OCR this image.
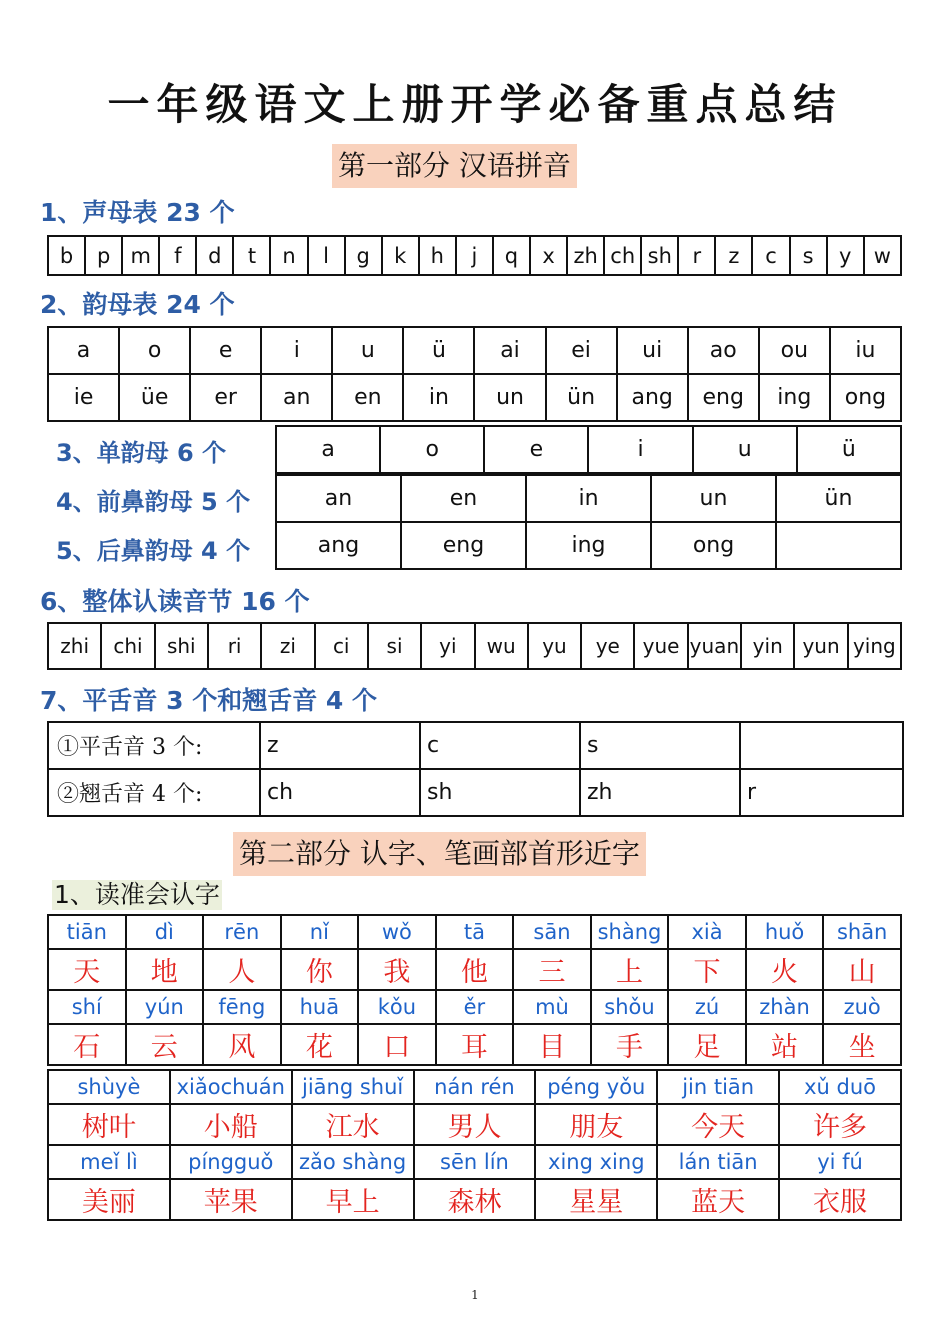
一年级语文上册开学必备重点总结
第一部分 汉语拼音
1、声母表 23 个
b	p	m	f	d	t	n	l	g	k	h	j	q	x	zh	ch	sh	r	z	c	s	y	w
2、韵母表 24 个
a	o	e	i	u	ü	ai	ei	ui	ao	ou	iu
ie	üe	er	an	en	in	un	ün	ang	eng	ing	ong
3、单韵母 6 个
4、前鼻韵母 5 个
5、后鼻韵母 4 个
a	o	e	i	u	ü
an	en	in	un	ün
ang	eng	ing	ong	
6、整体认读音节 16 个
zhi	chi	shi	ri	zi	ci	si	yi	wu	yu	ye	yue	yuan	yin	yun	ying
7、平舌音 3 个和翘舌音 4 个
①平舌音 3 个:	z	c	s	
②翘舌音 4 个:	ch	sh	zh	r
第二部分 认字、笔画部首形近字
1、读准会认字
tiān	dì	rēn	nǐ	wǒ	tā	sān	shàng	xià	huǒ	shān
天	地	人	你	我	他	三	上	下	火	山
shí	yún	fēng	huā	kǒu	ěr	mù	shǒu	zú	zhàn	zuò
石	云	风	花	口	耳	目	手	足	站	坐
shùyè	xiǎochuán	jiāng shuǐ	nán rén	péng yǒu	jin tiān	xǔ duō
树叶	小船	江水	男人	朋友	今天	许多
meǐ lì	píngguǒ	zǎo shàng	sēn lín	xing xing	lán tiān	yi fú
美丽	苹果	早上	森林	星星	蓝天	衣服
1
